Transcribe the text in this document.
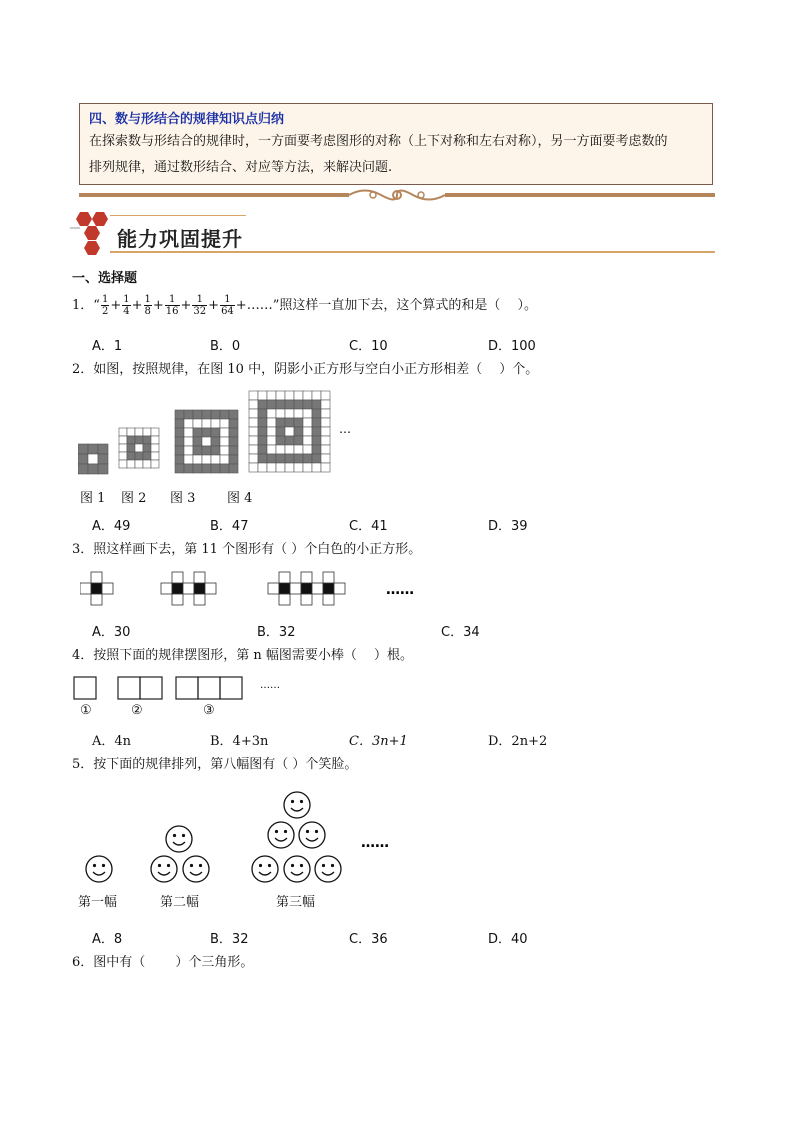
四、数与形结合的规律知识点归纳
在探索数与形结合的规律时，一方面要考虑图形的对称（上下对称和左右对称），另一方面要考虑数的
排列规律，通过数形结合、对应等方法，来解决问题.
能力巩固提升
一、选择题
1．“ $\frac{1}{2} + \frac{1}{4} + \frac{1}{8} + \frac{1}{16} + \frac{1}{32} + \frac{1}{64}$ +……”照这样一直加下去，这个算式的和是（　 ）。
A．1	B．0	C．10	D．100
2．如图，按照规律，在图 10 中，阴影小正方形与空白小正方形相差（　 ）个。
…
图 1 图 2 图 3 图 4
A．49	B．47	C．41	D．39
3．照这样画下去，第 11 个图形有（ ）个白色的小正方形。
……
A．30	B．32	C．34
4．按照下面的规律摆图形，第 n 幅图需要小棒（　 ）根。
……
①	②	③
A．4n	B．4+3n	C．3n+1	D．2n+2
5．按下面的规律排列，第八幅图有（ ）个笑脸。
……
第一幅	第二幅	第三幅
A．8	B．32	C．36	D．40
6．图中有（　　 ）个三角形。
